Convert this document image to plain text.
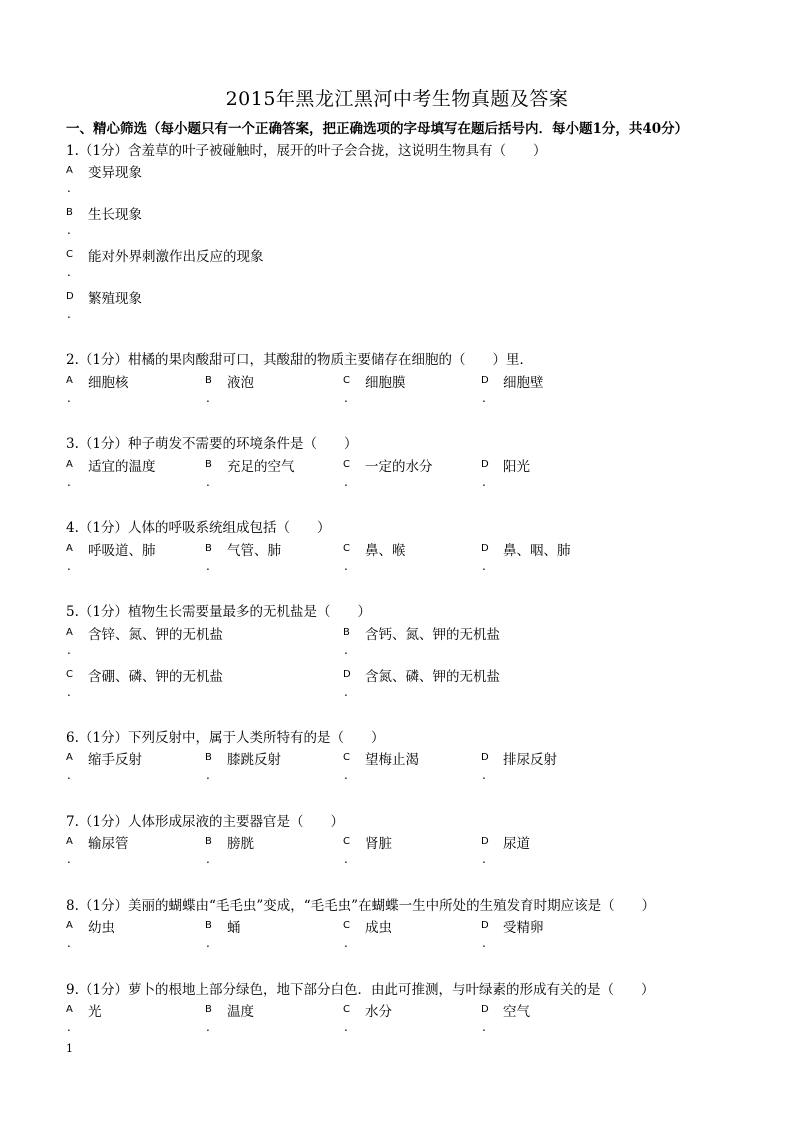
2015年黑龙江黑河中考生物真题及答案
一、精心筛选（每小题只有一个正确答案，把正确选项的字母填写在题后括号内．每小题1分，共40分）
1.（1分）含羞草的叶子被碰触时，展开的叶子会合拢，这说明生物具有（　　）
A
.
变异现象
B
.
生长现象
C
.
能对外界刺激作出反应的现象
D
.
繁殖现象
2.（1分）柑橘的果肉酸甜可口，其酸甜的物质主要储存在细胞的（　　）里．
A
.
细胞核	B
.
液泡	C
.
细胞膜	D
.
细胞壁
3.（1分）种子萌发不需要的环境条件是（　　）
A
.
适宜的温度	B
.
充足的空气	C
.
一定的水分	D
.
阳光
4.（1分）人体的呼吸系统组成包括（　　）
A
.
呼吸道、肺	B
.
气管、肺	C
.
鼻、喉	D
.
鼻、咽、肺
5.（1分）植物生长需要量最多的无机盐是（　　）
A
.
含锌、氮、钾的无机盐	B
.
含钙、氮、钾的无机盐
C
.
含硼、磷、钾的无机盐	D
.
含氮、磷、钾的无机盐
6.（1分）下列反射中，属于人类所特有的是（　　）
A
.
缩手反射	B
.
膝跳反射	C
.
望梅止渴	D
.
排尿反射
7.（1分）人体形成尿液的主要器官是（　　）
A
.
输尿管	B
.
膀胱	C
.
肾脏	D
.
尿道
8.（1分）美丽的蝴蝶由“毛毛虫”变成，“毛毛虫”在蝴蝶一生中所处的生殖发育时期应该是（　　）
A
.
幼虫	B
.
蛹	C
.
成虫	D
.
受精卵
9.（1分）萝卜的根地上部分绿色，地下部分白色．由此可推测，与叶绿素的形成有关的是（　　）
A
.
光	B
.
温度	C
.
水分	D
.
空气
1
